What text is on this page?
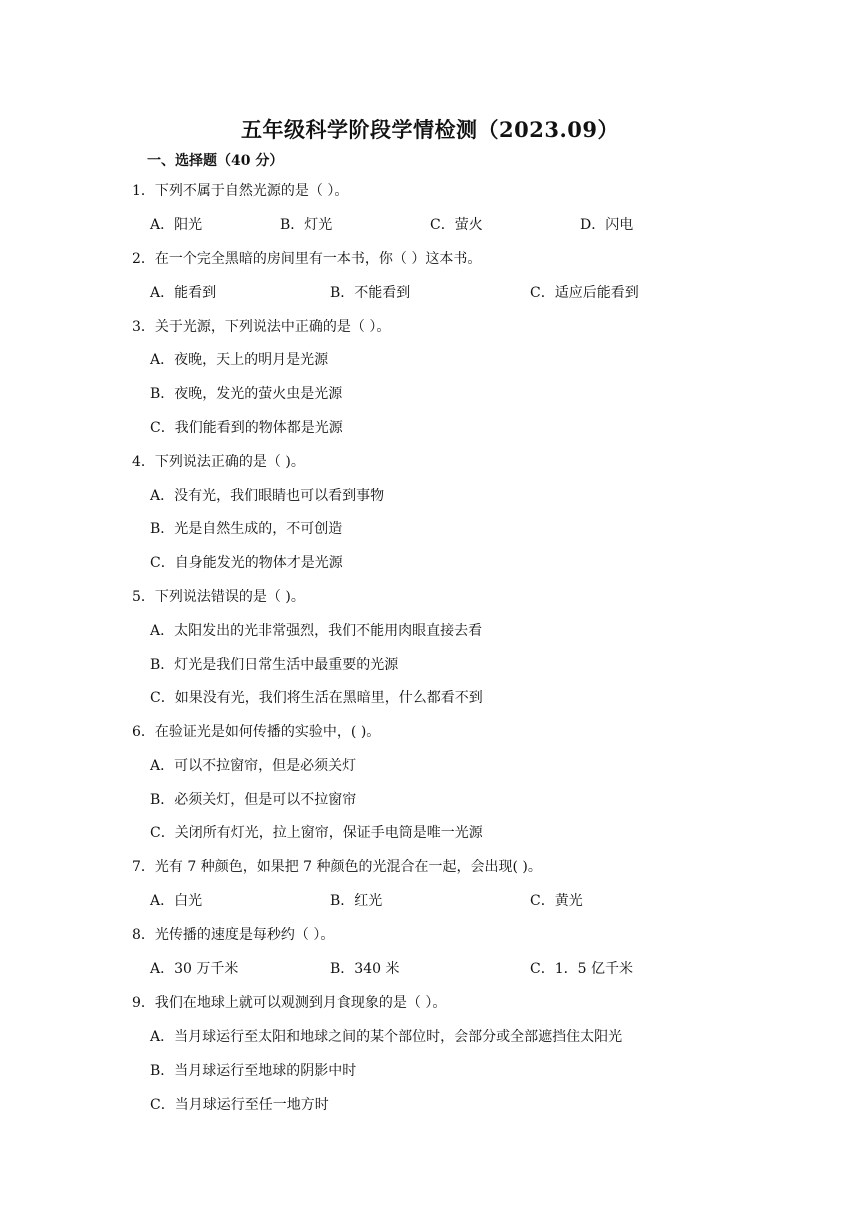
五年级科学阶段学情检测（2023.09）
一、选择题（40 分）
1．下列不属于自然光源的是（ ）。
A．阳光	B．灯光	C．萤火	D．闪电
2．在一个完全黑暗的房间里有一本书，你（ ）这本书。
A．能看到	B．不能看到	C．适应后能看到
3．关于光源，下列说法中正确的是（ ）。
A．夜晚，天上的明月是光源
B．夜晚，发光的萤火虫是光源
C．我们能看到的物体都是光源
4．下列说法正确的是（ )。
A．没有光，我们眼睛也可以看到事物
B．光是自然生成的，不可创造
C．自身能发光的物体才是光源
5．下列说法错误的是（ )。
A．太阳发出的光非常强烈，我们不能用肉眼直接去看
B．灯光是我们日常生活中最重要的光源
C．如果没有光，我们将生活在黑暗里，什么都看不到
6．在验证光是如何传播的实验中，( )。
A．可以不拉窗帘，但是必须关灯
B．必须关灯，但是可以不拉窗帘
C．关闭所有灯光，拉上窗帘，保证手电筒是唯一光源
7．光有 7 种颜色，如果把 7 种颜色的光混合在一起，会出现( )。
A．白光	B．红光	C．黄光
8．光传播的速度是每秒约（ ）。
A．30 万千米	B．340 米	C．1．5 亿千米
9．我们在地球上就可以观测到月食现象的是（ ）。
A．当月球运行至太阳和地球之间的某个部位时，会部分或全部遮挡住太阳光
B．当月球运行至地球的阴影中时
C．当月球运行至任一地方时
